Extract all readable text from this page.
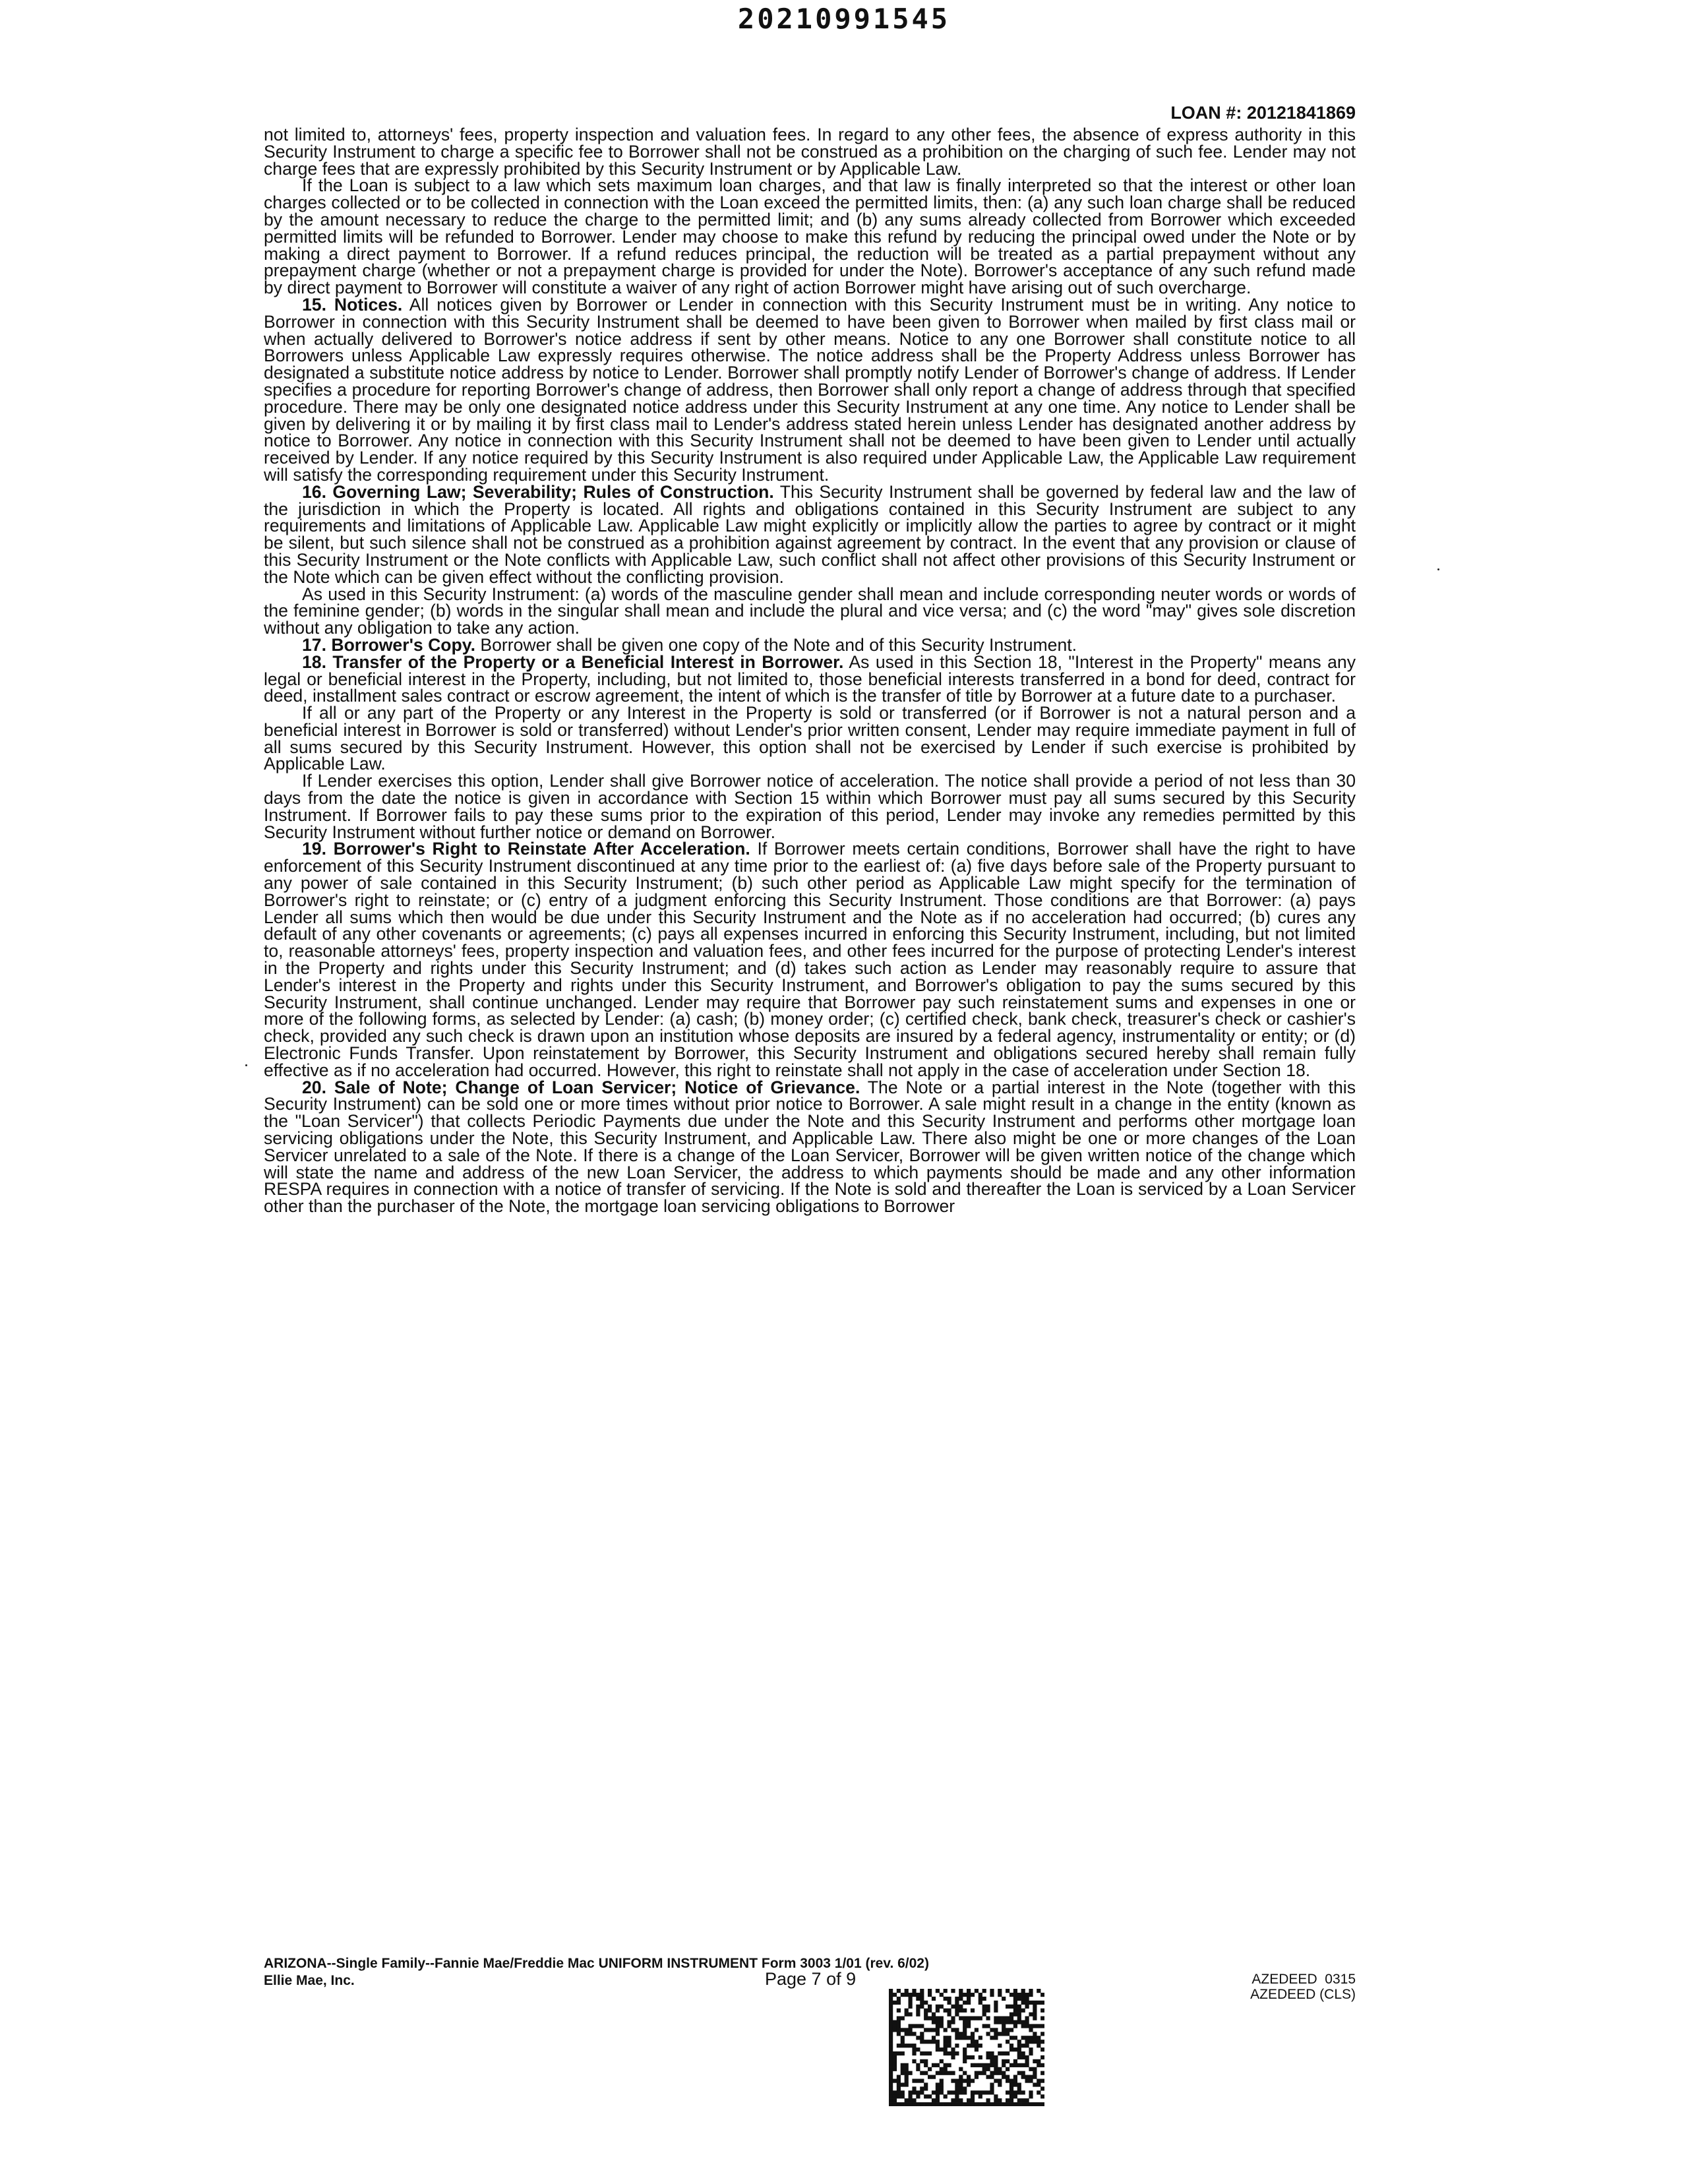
20210991545
LOAN #: 20121841869

not limited to, attorneys' fees, property inspection and valuation fees. In regard to any other fees, the absence of express authority in this Security Instrument to charge a specific fee to Borrower shall not be construed as a prohibition on the charging of such fee. Lender may not charge fees that are expressly prohibited by this Security Instrument or by Applicable Law.

If the Loan is subject to a law which sets maximum loan charges, and that law is finally interpreted so that the interest or other loan charges collected or to be collected in connection with the Loan exceed the permitted limits, then: (a) any such loan charge shall be reduced by the amount necessary to reduce the charge to the permitted limit; and (b) any sums already collected from Borrower which exceeded permitted limits will be refunded to Borrower. Lender may choose to make this refund by reducing the principal owed under the Note or by making a direct payment to Borrower. If a refund reduces principal, the reduction will be treated as a partial prepayment without any prepayment charge (whether or not a prepayment charge is provided for under the Note). Borrower's acceptance of any such refund made by direct payment to Borrower will constitute a waiver of any right of action Borrower might have arising out of such overcharge.

15. Notices. All notices given by Borrower or Lender in connection with this Security Instrument must be in writing. Any notice to Borrower in connection with this Security Instrument shall be deemed to have been given to Borrower when mailed by first class mail or when actually delivered to Borrower's notice address if sent by other means. Notice to any one Borrower shall constitute notice to all Borrowers unless Applicable Law expressly requires otherwise. The notice address shall be the Property Address unless Borrower has designated a substitute notice address by notice to Lender. Borrower shall promptly notify Lender of Borrower's change of address. If Lender specifies a procedure for reporting Borrower's change of address, then Borrower shall only report a change of address through that specified procedure. There may be only one designated notice address under this Security Instrument at any one time. Any notice to Lender shall be given by delivering it or by mailing it by first class mail to Lender's address stated herein unless Lender has designated another address by notice to Borrower. Any notice in connection with this Security Instrument shall not be deemed to have been given to Lender until actually received by Lender. If any notice required by this Security Instrument is also required under Applicable Law, the Applicable Law requirement will satisfy the corresponding requirement under this Security Instrument.

16. Governing Law; Severability; Rules of Construction. This Security Instrument shall be governed by federal law and the law of the jurisdiction in which the Property is located. All rights and obligations contained in this Security Instrument are subject to any requirements and limitations of Applicable Law. Applicable Law might explicitly or implicitly allow the parties to agree by contract or it might be silent, but such silence shall not be construed as a prohibition against agreement by contract. In the event that any provision or clause of this Security Instrument or the Note conflicts with Applicable Law, such conflict shall not affect other provisions of this Security Instrument or the Note which can be given effect without the conflicting provision.

As used in this Security Instrument: (a) words of the masculine gender shall mean and include corresponding neuter words or words of the feminine gender; (b) words in the singular shall mean and include the plural and vice versa; and (c) the word "may" gives sole discretion without any obligation to take any action.

17. Borrower's Copy. Borrower shall be given one copy of the Note and of this Security Instrument.

18. Transfer of the Property or a Beneficial Interest in Borrower. As used in this Section 18, "Interest in the Property" means any legal or beneficial interest in the Property, including, but not limited to, those beneficial interests transferred in a bond for deed, contract for deed, installment sales contract or escrow agreement, the intent of which is the transfer of title by Borrower at a future date to a purchaser.

If all or any part of the Property or any Interest in the Property is sold or transferred (or if Borrower is not a natural person and a beneficial interest in Borrower is sold or transferred) without Lender's prior written consent, Lender may require immediate payment in full of all sums secured by this Security Instrument. However, this option shall not be exercised by Lender if such exercise is prohibited by Applicable Law.

If Lender exercises this option, Lender shall give Borrower notice of acceleration. The notice shall provide a period of not less than 30 days from the date the notice is given in accordance with Section 15 within which Borrower must pay all sums secured by this Security Instrument. If Borrower fails to pay these sums prior to the expiration of this period, Lender may invoke any remedies permitted by this Security Instrument without further notice or demand on Borrower.

19. Borrower's Right to Reinstate After Acceleration. If Borrower meets certain conditions, Borrower shall have the right to have enforcement of this Security Instrument discontinued at any time prior to the earliest of: (a) five days before sale of the Property pursuant to any power of sale contained in this Security Instrument; (b) such other period as Applicable Law might specify for the termination of Borrower's right to reinstate; or (c) entry of a judgment enforcing this Security Instrument. Those conditions are that Borrower: (a) pays Lender all sums which then would be due under this Security Instrument and the Note as if no acceleration had occurred; (b) cures any default of any other covenants or agreements; (c) pays all expenses incurred in enforcing this Security Instrument, including, but not limited to, reasonable attorneys' fees, property inspection and valuation fees, and other fees incurred for the purpose of protecting Lender's interest in the Property and rights under this Security Instrument; and (d) takes such action as Lender may reasonably require to assure that Lender's interest in the Property and rights under this Security Instrument, and Borrower's obligation to pay the sums secured by this Security Instrument, shall continue unchanged. Lender may require that Borrower pay such reinstatement sums and expenses in one or more of the following forms, as selected by Lender: (a) cash; (b) money order; (c) certified check, bank check, treasurer's check or cashier's check, provided any such check is drawn upon an institution whose deposits are insured by a federal agency, instrumentality or entity; or (d) Electronic Funds Transfer. Upon reinstatement by Borrower, this Security Instrument and obligations secured hereby shall remain fully effective as if no acceleration had occurred. However, this right to reinstate shall not apply in the case of acceleration under Section 18.

20. Sale of Note; Change of Loan Servicer; Notice of Grievance. The Note or a partial interest in the Note (together with this Security Instrument) can be sold one or more times without prior notice to Borrower. A sale might result in a change in the entity (known as the "Loan Servicer") that collects Periodic Payments due under the Note and this Security Instrument and performs other mortgage loan servicing obligations under the Note, this Security Instrument, and Applicable Law. There also might be one or more changes of the Loan Servicer unrelated to a sale of the Note. If there is a change of the Loan Servicer, Borrower will be given written notice of the change which will state the name and address of the new Loan Servicer, the address to which payments should be made and any other information RESPA requires in connection with a notice of transfer of servicing. If the Note is sold and thereafter the Loan is serviced by a Loan Servicer other than the purchaser of the Note, the mortgage loan servicing obligations to Borrower

ARIZONA--Single Family--Fannie Mae/Freddie Mac UNIFORM INSTRUMENT Form 3003 1/01 (rev. 6/02)
Ellie Mae, Inc.	Page 7 of 9	AZEDEED  0315
AZEDEED (CLS)
